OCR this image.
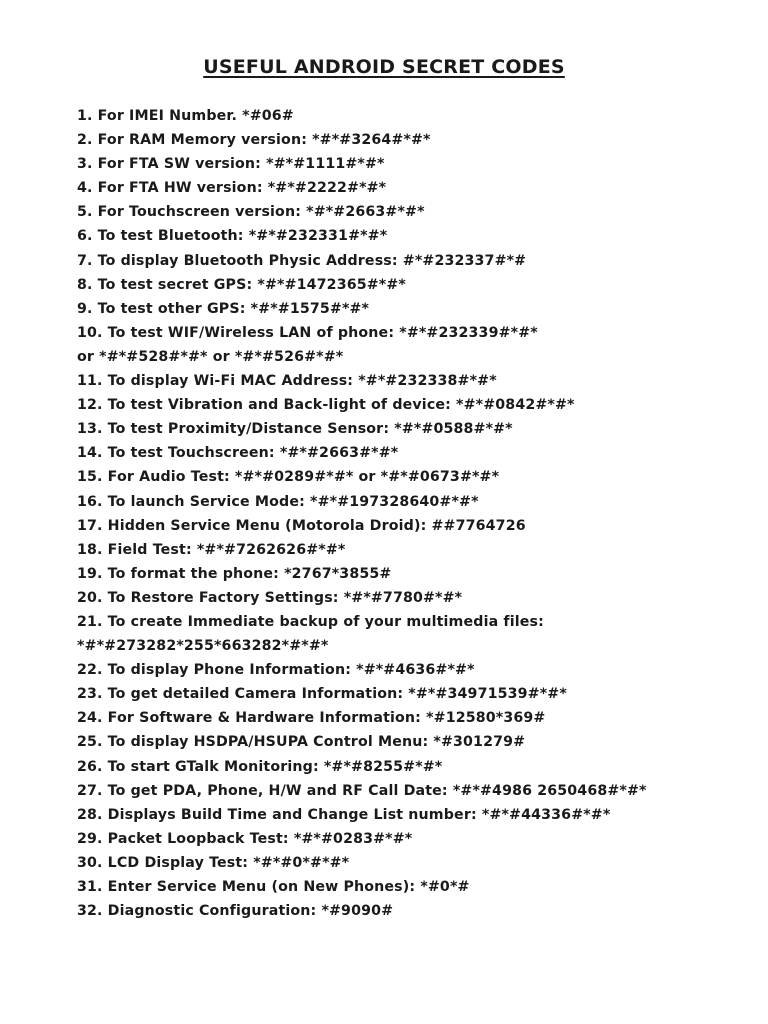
USEFUL ANDROID SECRET CODES
1. For IMEI Number. *#06#
2. For RAM Memory version: *#*#3264#*#*
3. For FTA SW version: *#*#1111#*#*
4. For FTA HW version: *#*#2222#*#*
5. For Touchscreen version: *#*#2663#*#*
6. To test Bluetooth: *#*#232331#*#*
7. To display Bluetooth Physic Address: #*#232337#*#
8. To test secret GPS: *#*#1472365#*#*
9. To test other GPS: *#*#1575#*#*
10. To test WIF/Wireless LAN of phone: *#*#232339#*#*
or *#*#528#*#* or *#*#526#*#*
11. To display Wi-Fi MAC Address: *#*#232338#*#*
12. To test Vibration and Back-light of device: *#*#0842#*#*
13. To test Proximity/Distance Sensor: *#*#0588#*#*
14. To test Touchscreen: *#*#2663#*#*
15. For Audio Test: *#*#0289#*#* or *#*#0673#*#*
16. To launch Service Mode: *#*#197328640#*#*
17. Hidden Service Menu (Motorola Droid): ##7764726
18. Field Test: *#*#7262626#*#*
19. To format the phone: *2767*3855#
20. To Restore Factory Settings: *#*#7780#*#*
21. To create Immediate backup of your multimedia files:
*#*#273282*255*663282*#*#*
22. To display Phone Information: *#*#4636#*#*
23. To get detailed Camera Information: *#*#34971539#*#*
24. For Software & Hardware Information: *#12580*369#
25. To display HSDPA/HSUPA Control Menu: *#301279#
26. To start GTalk Monitoring: *#*#8255#*#*
27. To get PDA, Phone, H/W and RF Call Date: *#*#4986 2650468#*#*
28. Displays Build Time and Change List number: *#*#44336#*#*
29. Packet Loopback Test: *#*#0283#*#*
30. LCD Display Test: *#*#0*#*#*
31. Enter Service Menu (on New Phones): *#0*#
32. Diagnostic Configuration: *#9090#
